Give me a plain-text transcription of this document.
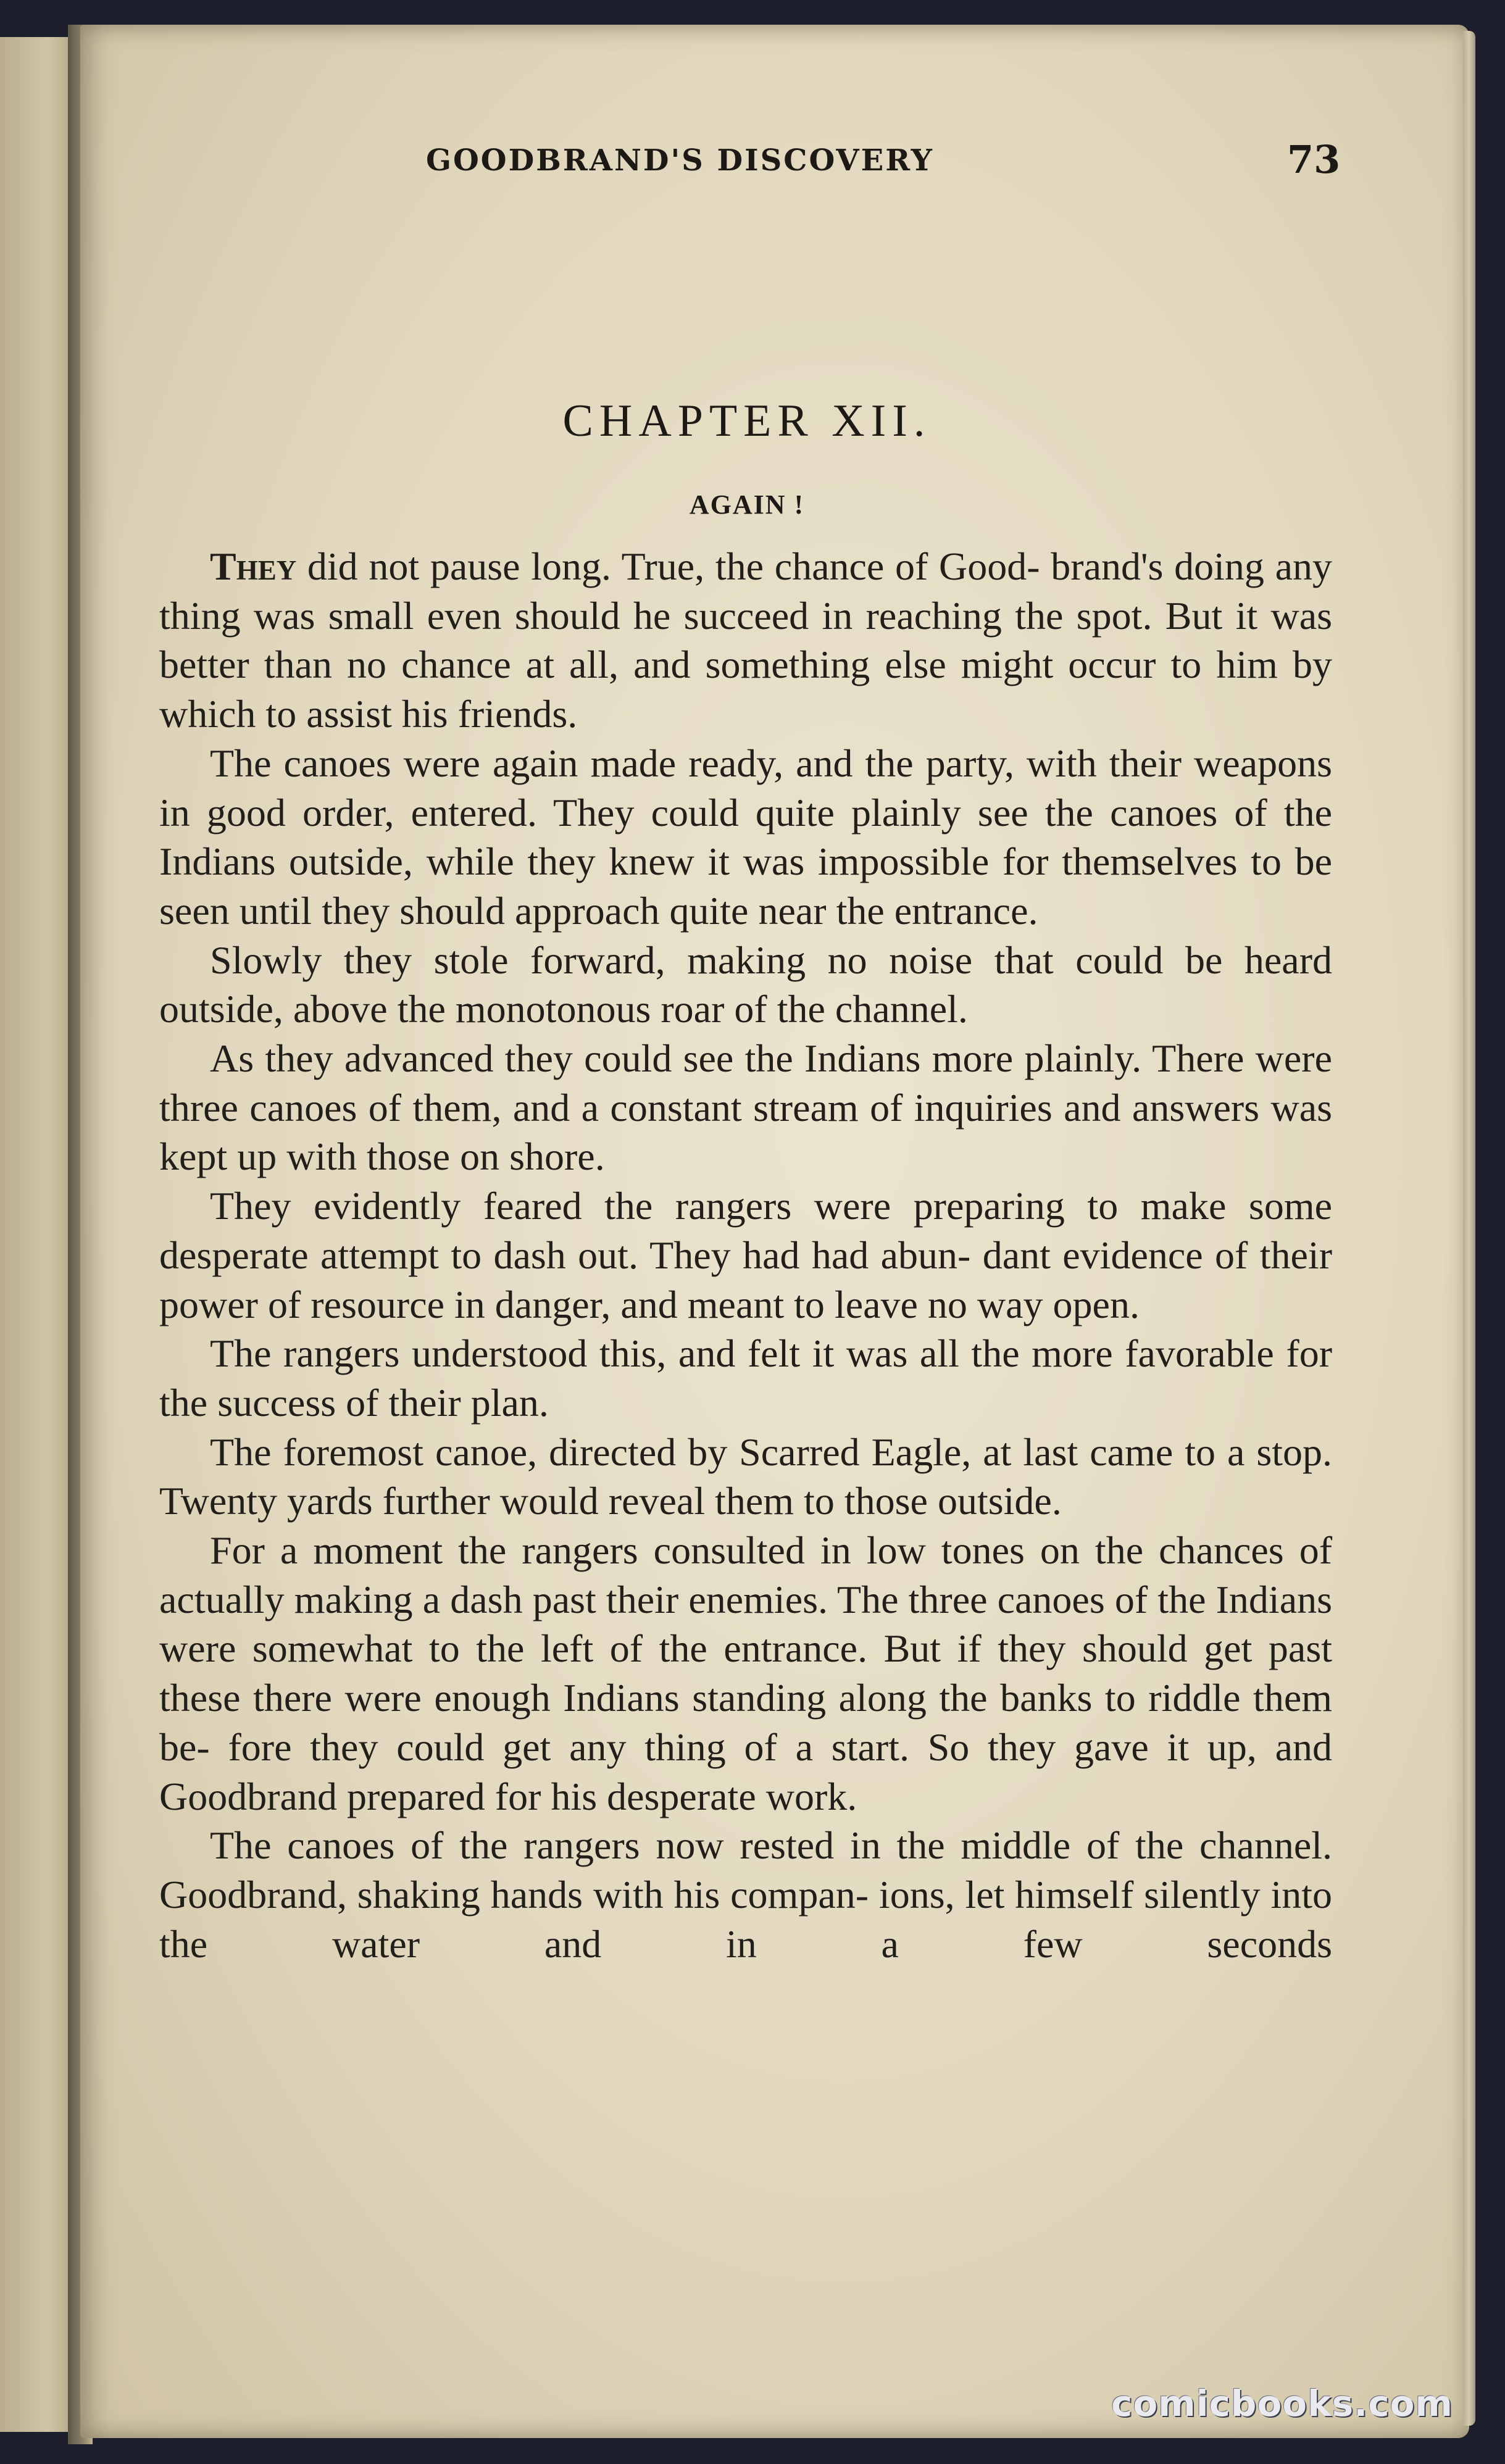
GOODBRAND'S DISCOVERY	73
CHAPTER XII.
AGAIN !

They did not pause long. True, the chance of Good- brand's doing any thing was small even should he succeed in reaching the spot. But it was better than no chance at all, and something else might occur to him by which to assist his friends.

The canoes were again made ready, and the party, with their weapons in good order, entered. They could quite plainly see the canoes of the Indians outside, while they knew it was impossible for themselves to be seen until they should approach quite near the entrance.

Slowly they stole forward, making no noise that could be heard outside, above the monotonous roar of the channel.

As they advanced they could see the Indians more plainly. There were three canoes of them, and a constant stream of inquiries and answers was kept up with those on shore.

They evidently feared the rangers were preparing to make some desperate attempt to dash out. They had had abun- dant evidence of their power of resource in danger, and meant to leave no way open.

The rangers understood this, and felt it was all the more favorable for the success of their plan.

The foremost canoe, directed by Scarred Eagle, at last came to a stop. Twenty yards further would reveal them to those outside.

For a moment the rangers consulted in low tones on the chances of actually making a dash past their enemies. The three canoes of the Indians were somewhat to the left of the entrance. But if they should get past these there were enough Indians standing along the banks to riddle them be- fore they could get any thing of a start. So they gave it up, and Goodbrand prepared for his desperate work.

The canoes of the rangers now rested in the middle of the channel. Goodbrand, shaking hands with his compan- ions, let himself silently into the water and in a few seconds

comicbooks.com
